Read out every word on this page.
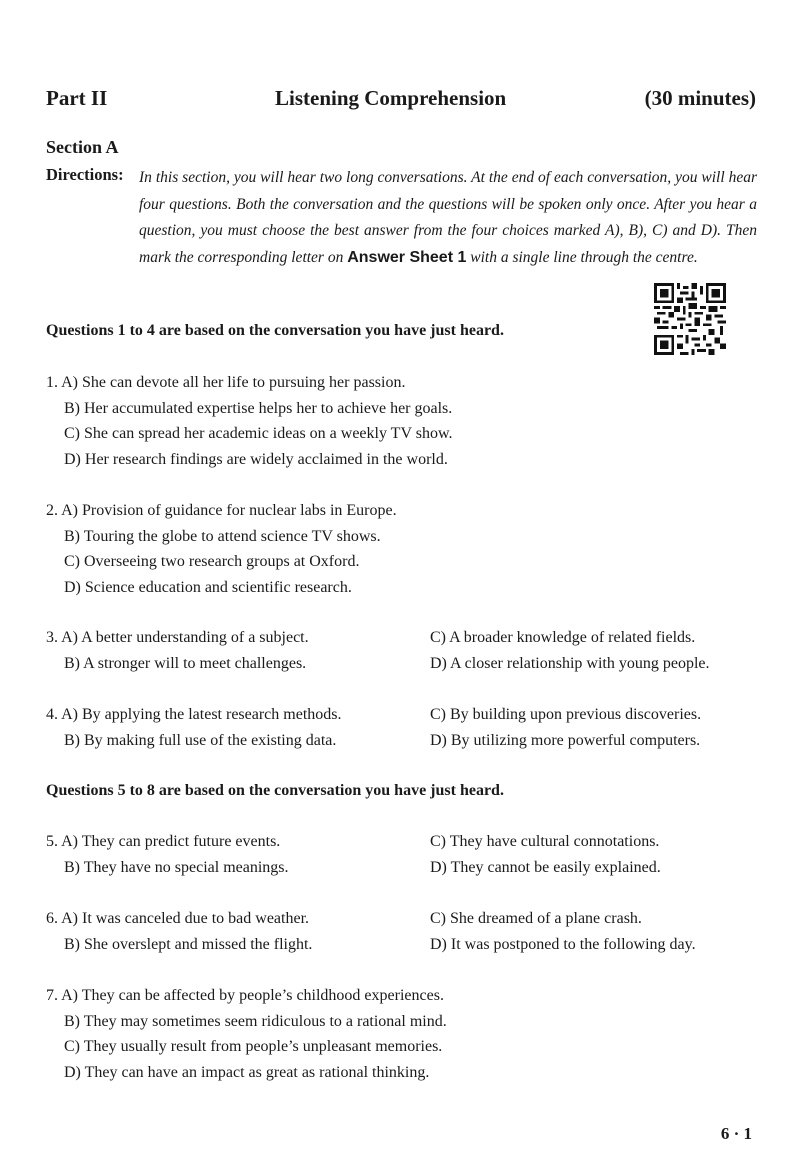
Part II	Listening Comprehension	(30 minutes)
Section A
Directions: In this section, you will hear two long conversations. At the end of each conversation, you will hear four questions. Both the conversation and the questions will be spoken only once. After you hear a question, you must choose the best answer from the four choices marked A), B), C) and D). Then mark the corresponding letter on Answer Sheet 1 with a single line through the centre.
Questions 1 to 4 are based on the conversation you have just heard.
1. A) She can devote all her life to pursuing her passion.
B) Her accumulated expertise helps her to achieve her goals.
C) She can spread her academic ideas on a weekly TV show.
D) Her research findings are widely acclaimed in the world.
2. A) Provision of guidance for nuclear labs in Europe.
B) Touring the globe to attend science TV shows.
C) Overseeing two research groups at Oxford.
D) Science education and scientific research.
3. A) A better understanding of a subject.	C) A broader knowledge of related fields.
B) A stronger will to meet challenges.	D) A closer relationship with young people.
4. A) By applying the latest research methods.	C) By building upon previous discoveries.
B) By making full use of the existing data.	D) By utilizing more powerful computers.
Questions 5 to 8 are based on the conversation you have just heard.
5. A) They can predict future events.	C) They have cultural connotations.
B) They have no special meanings.	D) They cannot be easily explained.
6. A) It was canceled due to bad weather.	C) She dreamed of a plane crash.
B) She overslept and missed the flight.	D) It was postponed to the following day.
7. A) They can be affected by people’s childhood experiences.
B) They may sometimes seem ridiculous to a rational mind.
C) They usually result from people’s unpleasant memories.
D) They can have an impact as great as rational thinking.
6 · 1
